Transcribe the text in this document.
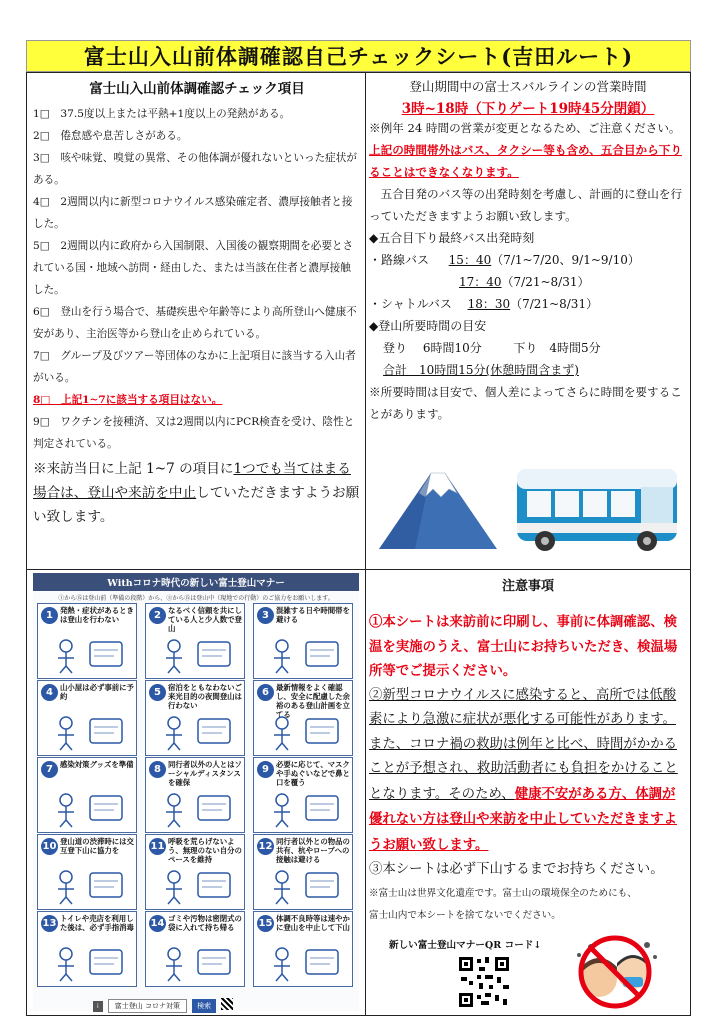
富士山入山前体調確認自己チェックシート(吉田ルート)
富士山入山前体調確認チェック項目
1□　37.5度以上または平熱+1度以上の発熱がある。
2□　倦怠感や息苦しさがある。
3□　咳や味覚、嗅覚の異常、その他体調が優れないといった症状がある。
4□　2週間以内に新型コロナウイルス感染確定者、濃厚接触者と接した。
5□　2週間以内に政府から入国制限、入国後の観察期間を必要とされている国・地域へ訪問・経由した、または当該在住者と濃厚接触した。
6□　登山を行う場合で、基礎疾患や年齢等により高所登山へ健康不安があり、主治医等から登山を止められている。
7□　グループ及びツアー等団体のなかに上記項目に該当する入山者がいる。
8□　上記1~7に該当する項目はない。
9□　ワクチンを接種済、又は2週間以内にPCR検査を受け、陰性と判定されている。
※来訪当日に上記 1~7 の項目に1つでも当てはまる場合は、登山や来訪を中止していただきますようお願い致します。
登山期間中の富士スバルラインの営業時間
3時~18時（下りゲート19時45分閉鎖）

※例年 24 時間の営業が変更となるため、ご注意ください。上記の時間帯外はバス、タクシー等も含め、五合目から下りることはできなくなります。

五合目発のバス等の出発時刻を考慮し、計画的に登山を行っていただきますようお願い致します。

◆五合目下り最終バス出発時刻

・路線バス 15：40（7/1~7/20、9/1~9/10）

17：40（7/21~8/31）

・シャトルバス 18：30（7/21~8/31）

◆登山所要時間の目安

登り　 6時間10分	下り　4時間5分

合計　10時間15分(休憩時間含まず)

※所要時間は目安で、個人差によってさらに時間を要することがあります。

Withコロナ時代の新しい富士登山マナー
①から⑮は登山前（準備の段階）から、③から⑮は登山中（現地での行動）のご協力をお願いします。
1 発熱・症状があるときは登山を行わない	2 なるべく信頼を共にしている人と少人数で登山
3 混雑する日や時間帯を避ける
4 山小屋は必ず事前に予約	5 宿泊をともなわないご来光目的の夜間登山は行わない
6 最新情報をよく確認し、安全に配慮した余裕のある登山計画を立てる
7 感染対策グッズを準備	8 同行者以外の人とはソーシャルディスタンスを確保
9 必要に応じて、マスクや手ぬぐいなどで鼻と口を覆う
10 登山道の渋滞時には交互登下山に協力を	11 呼吸を荒らげないよう、無理のない自分のペースを維持
12 同行者以外との物品の共有、杭やロープへの接触は避ける
13 トイレや売店を利用した後は、必ず手指消毒 14 ゴミや汚物は密閉式の袋に入れて持ち帰る	15 体調不良時等は速やかに登山を中止して下山
i 富士登山 コロナ対策 検索
注意事項
①本シートは来訪前に印刷し、事前に体調確認、検温を実施のうえ、富士山にお持ちいただき、検温場所等でご提示ください。
②新型コロナウイルスに感染すると、高所では低酸素により急激に症状が悪化する可能性があります。また、コロナ禍の救助は例年と比べ、時間がかかることが予想され、救助活動者にも負担をかけることとなります。そのため、健康不安がある方、体調が優れない方は登山や来訪を中止していただきますようお願い致します。
③本シートは必ず下山するまでお持ちください。
※富士山は世界文化遺産です。富士山の環境保全のためにも、
富士山内で本シートを捨てないでください。
新しい富士登山マナーQR コード↓
